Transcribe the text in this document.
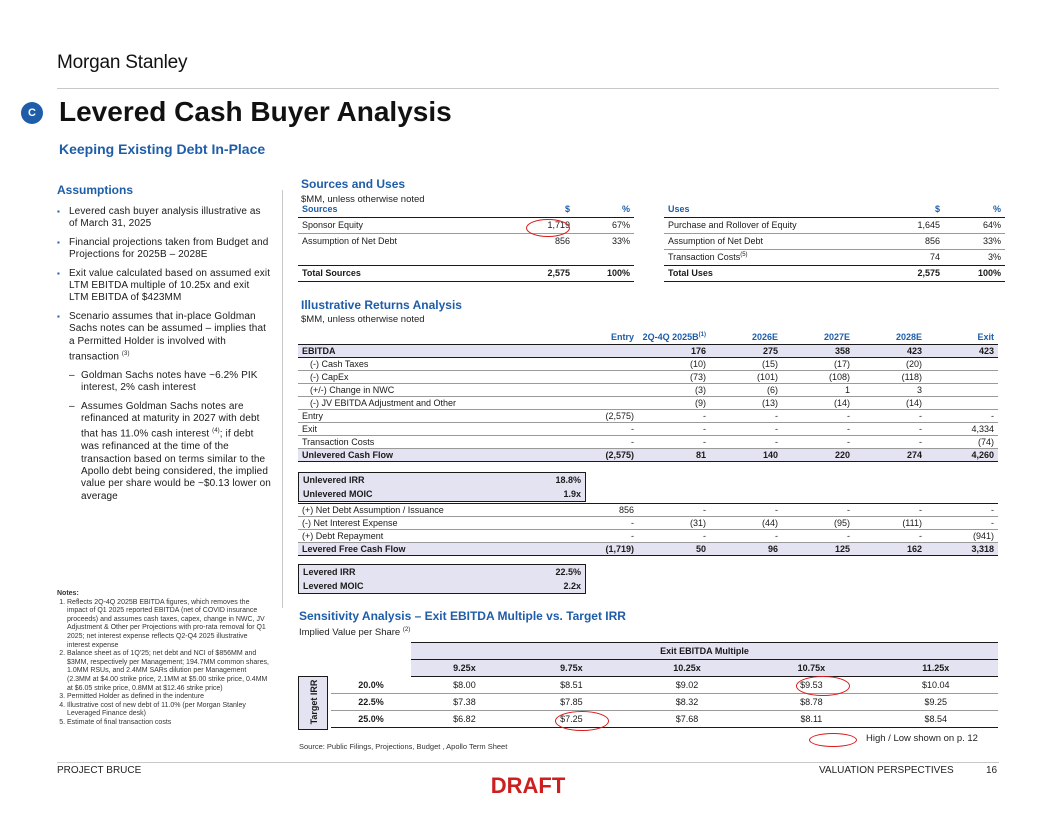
Morgan Stanley
C Levered Cash Buyer Analysis
Keeping Existing Debt In-Place
Assumptions
▪ Levered cash buyer analysis illustrative as of March 31, 2025
▪ Financial projections taken from Budget and Projections for 2025B – 2028E
▪ Exit value calculated based on assumed exit LTM EBITDA multiple of 10.25x and exit LTM EBITDA of $423MM
▪ Scenario assumes that in-place Goldman Sachs notes can be assumed – implies that a Permitted Holder is involved with transaction $^{(3)}$
– Goldman Sachs notes have ~6.2% PIK interest, 2% cash interest
– Assumes Goldman Sachs notes are refinanced at maturity in 2027 with debt that has 11.0% cash interest $^{(4)}$; if debt was refinanced at the time of the transaction based on terms similar to the Apollo debt being considered, the implied value per share would be ~$0.13 lower on average
Notes:
1. Reflects 2Q-4Q 2025B EBITDA figures, which removes the impact of Q1 2025 reported EBITDA (net of COVID insurance proceeds) and assumes cash taxes, capex, change in NWC, JV Adjustment & Other per Projections with pro-rata removal for Q1 2025; net interest expense reflects Q2-Q4 2025 illustrative interest expense
2. Balance sheet as of 1Q'25; net debt and NCI of $856MM and $3MM, respectively per Management; 194.7MM common shares, 1.0MM RSUs, and 2.4MM SARs dilution per Management (2.3MM at $4.00 strike price, 2.1MM at $5.00 strike price, 0.4MM at $6.05 strike price, 0.8MM at $12.46 strike price)
3. Permitted Holder as defined in the indenture
4. Illustrative cost of new debt of 11.0% (per Morgan Stanley Leveraged Finance desk)
5. Estimate of final transaction costs
Sources and Uses
$MM, unless otherwise noted
Sources	$	%
Sponsor Equity	1,719	67%
Assumption of Net Debt	856	33%

Total Sources	2,575	100%
Uses	$	%
Purchase and Rollover of Equity	1,645	64%
Assumption of Net Debt	856	33%
Transaction Costs$^{(5)}$	74	3%
Total Uses	2,575	100%
Illustrative Returns Analysis
$MM, unless otherwise noted
	Entry	2Q-4Q $2025B^{(1)}$	2026E	2027E	2028E	Exit
EBITDA		176	275	358	423	423
(-) Cash Taxes		(10)	(15)	(17)	(20)	
(-) CapEx		(73)	(101)	(108)	(118)	
(+/-) Change in NWC		(3)	(6)	1	3	
(-) JV EBITDA Adjustment and Other		(9)	(13)	(14)	(14)	
Entry	(2,575)	-	-	-	-	-
Exit	-	-	-	-	-	4,334
Transaction Costs	-	-	-	-	-	(74)
Unlevered Cash Flow	(2,575)	81	140	220	274	4,260
Unlevered IRR	18.8%
Unlevered MOIC	1.9x
(+) Net Debt Assumption / Issuance	856	-	-	-	-	-
(-) Net Interest Expense	-	(31)	(44)	(95)	(111)	-
(+) Debt Repayment	-	-	-	-	-	(941)
Levered Free Cash Flow	(1,719)	50	96	125	162	3,318
Levered IRR	22.5%
Levered MOIC	2.2x
Sensitivity Analysis – Exit EBITDA Multiple vs. Target IRR
Implied Value per Share $^{(2)}$
Target IRR
	Exit EBITDA Multiple				
	9.25x	9.75x	10.25x	10.75x	11.25x
20.0%	$8.00	$8.51	$9.02	$9.53	$10.04
22.5%	$7.38	$7.85	$8.32	$8.78	$9.25
25.0%	$6.82	$7.25	$7.68	$8.11	$8.54
Source: Public Filings, Projections, Budget , Apollo Term Sheet
High / Low shown on p. 12
PROJECT BRUCE	VALUATION PERSPECTIVES	16
DRAFT
